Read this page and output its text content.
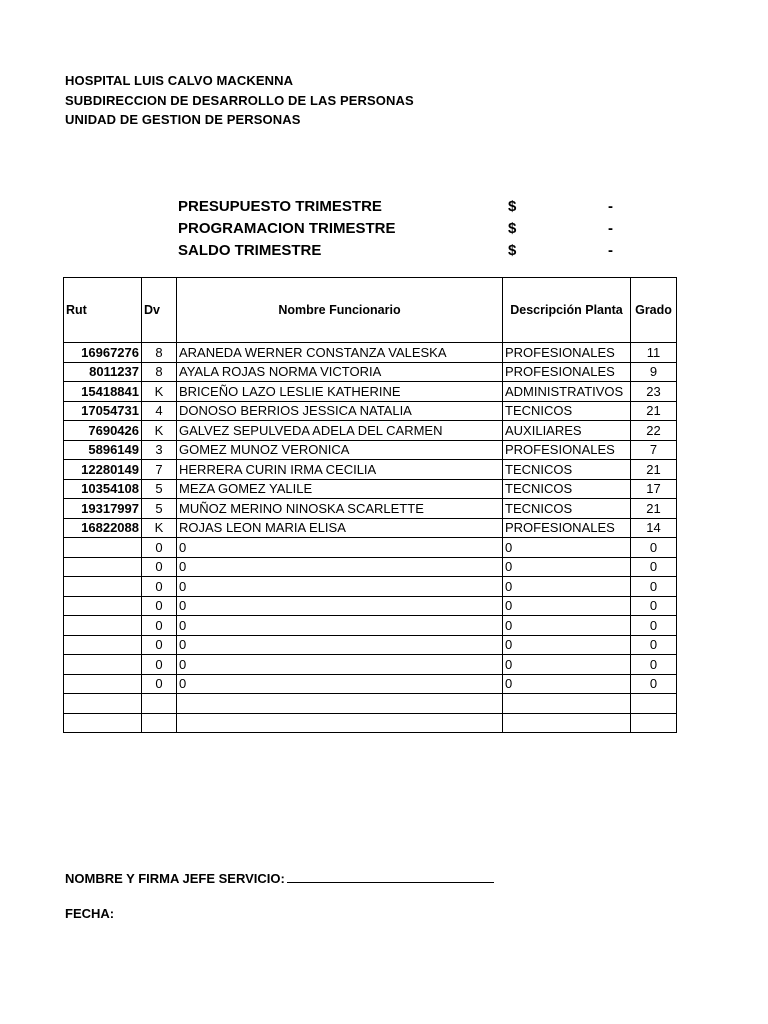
HOSPITAL LUIS CALVO MACKENNA
SUBDIRECCION DE DESARROLLO DE LAS PERSONAS
UNIDAD DE GESTION DE PERSONAS
PRESUPUESTO TRIMESTRE	$	-
PROGRAMACION TRIMESTRE	$	-
SALDO TRIMESTRE	$	-
Rut	Dv	Nombre Funcionario	Descripción Planta	Grado
16967276	8	ARANEDA WERNER CONSTANZA VALESKA	PROFESIONALES	11
8011237	8	AYALA ROJAS NORMA VICTORIA	PROFESIONALES	9
15418841	K	BRICEÑO LAZO LESLIE KATHERINE	ADMINISTRATIVOS	23
17054731	4	DONOSO BERRIOS JESSICA NATALIA	TECNICOS	21
7690426	K	GALVEZ SEPULVEDA ADELA DEL CARMEN	AUXILIARES	22
5896149	3	GOMEZ MUNOZ VERONICA	PROFESIONALES	7
12280149	7	HERRERA CURIN IRMA CECILIA	TECNICOS	21
10354108	5	MEZA GOMEZ YALILE	TECNICOS	17
19317997	5	MUÑOZ MERINO NINOSKA SCARLETTE	TECNICOS	21
16822088	K	ROJAS LEON MARIA ELISA	PROFESIONALES	14
	0	0	0	0
	0	0	0	0
	0	0	0	0
	0	0	0	0
	0	0	0	0
	0	0	0	0
	0	0	0	0
	0	0	0	0

NOMBRE Y FIRMA JEFE SERVICIO:
FECHA:
